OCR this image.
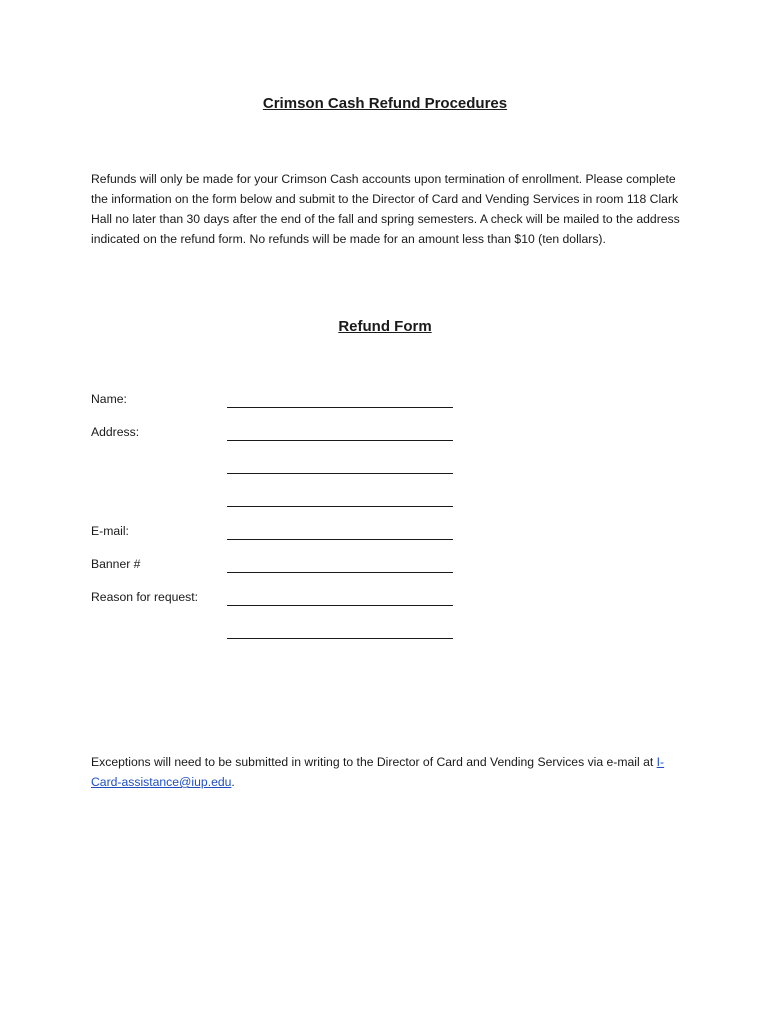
Crimson Cash Refund Procedures
Refunds will only be made for your Crimson Cash accounts upon termination of enrollment. Please complete the information on the form below and submit to the Director of Card and Vending Services in room 118 Clark Hall no later than 30 days after the end of the fall and spring semesters. A check will be mailed to the address indicated on the refund form. No refunds will be made for an amount less than $10 (ten dollars).
Refund Form
Name:
Address:
E-mail:
Banner #
Reason for request:
Exceptions will need to be submitted in writing to the Director of Card and Vending Services via e-mail at I-Card-assistance@iup.edu.
